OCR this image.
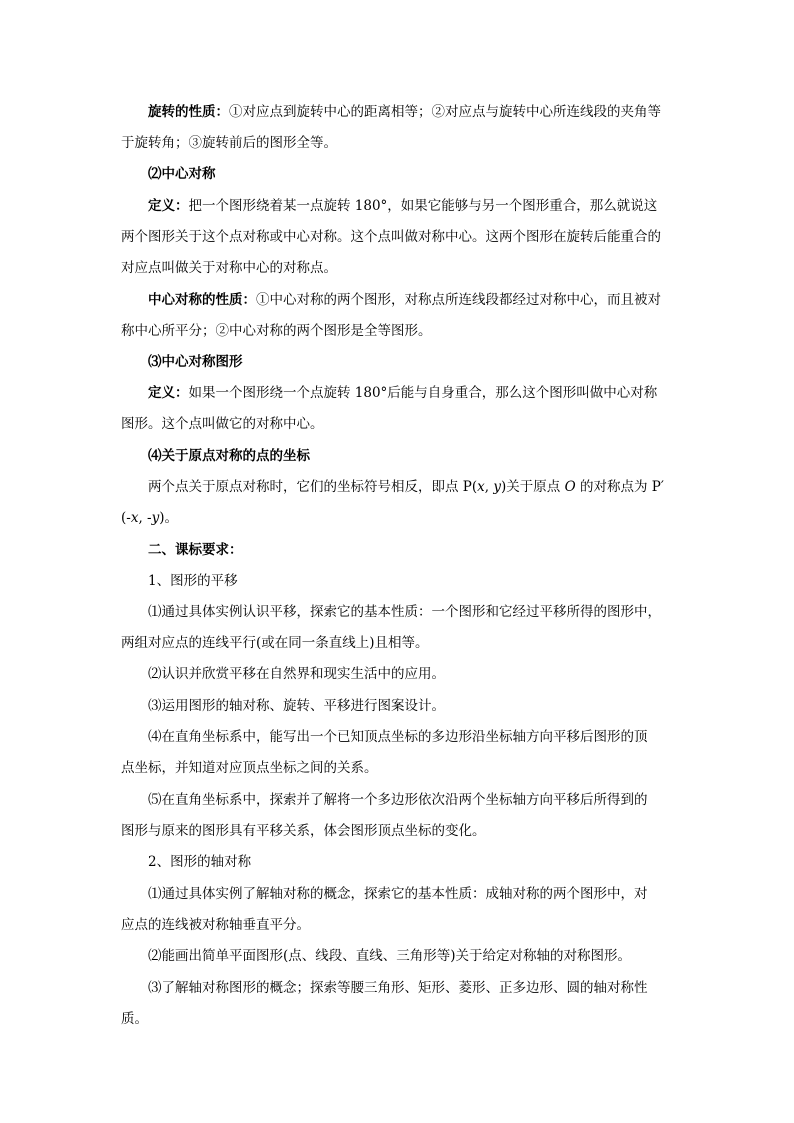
旋转的性质：①对应点到旋转中心的距离相等；②对应点与旋转中心所连线段的夹角等
于旋转角；③旋转前后的图形全等。
⑵中心对称
定义：把一个图形绕着某一点旋转 180°，如果它能够与另一个图形重合，那么就说这
两个图形关于这个点对称或中心对称。这个点叫做对称中心。这两个图形在旋转后能重合的
对应点叫做关于对称中心的对称点。
中心对称的性质：①中心对称的两个图形，对称点所连线段都经过对称中心，而且被对
称中心所平分；②中心对称的两个图形是全等图形。
⑶中心对称图形
定义：如果一个图形绕一个点旋转 180°后能与自身重合，那么这个图形叫做中心对称
图形。这个点叫做它的对称中心。
⑷关于原点对称的点的坐标
两个点关于原点对称时，它们的坐标符号相反，即点 P(x, y)关于原点 O 的对称点为 P′
(-x, -y)。
二、课标要求：
1、图形的平移
⑴通过具体实例认识平移，探索它的基本性质：一个图形和它经过平移所得的图形中，
两组对应点的连线平行(或在同一条直线上)且相等。
⑵认识并欣赏平移在自然界和现实生活中的应用。
⑶运用图形的轴对称、旋转、平移进行图案设计。
⑷在直角坐标系中，能写出一个已知顶点坐标的多边形沿坐标轴方向平移后图形的顶
点坐标，并知道对应顶点坐标之间的关系。
⑸在直角坐标系中，探索并了解将一个多边形依次沿两个坐标轴方向平移后所得到的
图形与原来的图形具有平移关系，体会图形顶点坐标的变化。
2、图形的轴对称
⑴通过具体实例了解轴对称的概念，探索它的基本性质：成轴对称的两个图形中，对
应点的连线被对称轴垂直平分。
⑵能画出简单平面图形(点、线段、直线、三角形等)关于给定对称轴的对称图形。
⑶了解轴对称图形的概念；探索等腰三角形、矩形、菱形、正多边形、圆的轴对称性
质。
